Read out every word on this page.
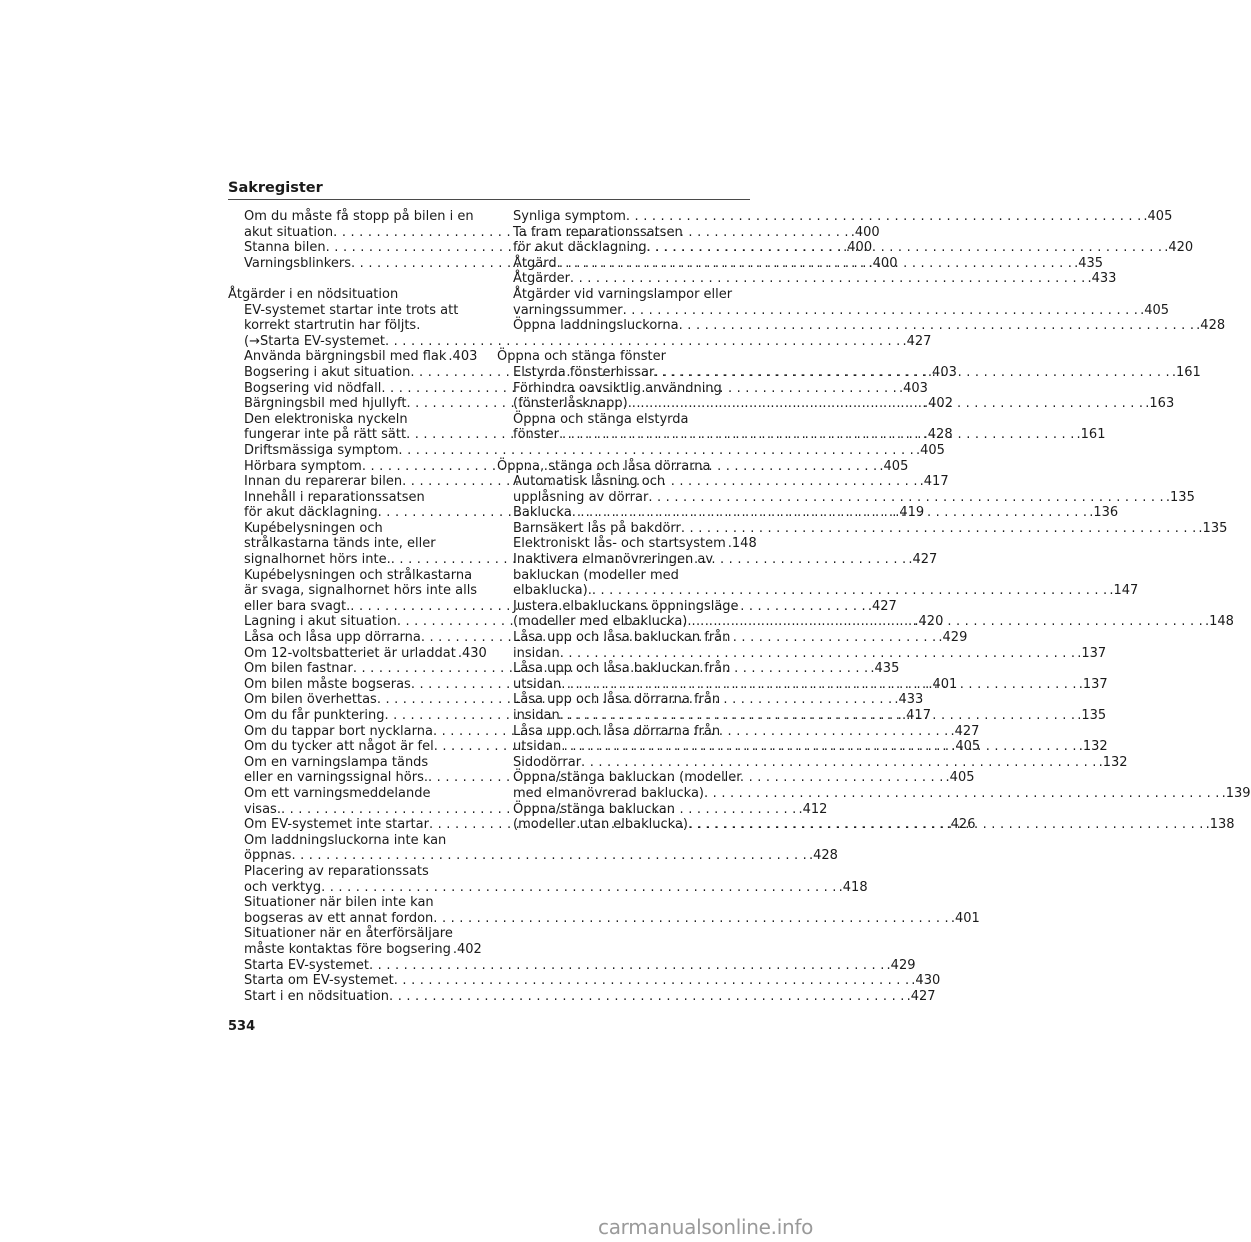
Sakregister
Om du måste få stopp på bilen i en
akut situation . . .	.400
Stanna bilen . . .	.400
Varningsblinkers . . .	.400
Åtgärder i en nödsituation
EV-systemet startar inte trots att
korrekt startrutin har följts.
(→Starta EV-systemet . . .	.427
Använda bärgningsbil med flak .403
Bogsering i akut situation . . .	.403
Bogsering vid nödfall . . .	.403
Bärgningsbil med hjullyft . . .	.402
Den elektroniska nyckeln
fungerar inte på rätt sätt . . .	.428
Driftsmässiga symptom . . .	.405
Hörbara symptom . . .	.405
Innan du reparerar bilen . . .	.417
Innehåll i reparationssatsen
för akut däcklagning . . .	.419
Kupébelysningen och
strålkastarna tänds inte, eller
signalhornet hörs inte. . . .	.427
Kupébelysningen och strålkastarna
är svaga, signalhornet hörs inte alls
eller bara svagt. . . .	.427
Lagning i akut situation . . .	.420
Låsa och låsa upp dörrarna . . .	.429
Om 12-voltsbatteriet är urladdat .430
Om bilen fastnar . . .	.435
Om bilen måste bogseras . . .	.401
Om bilen överhettas . . .	.433
Om du får punktering . . .	.417
Om du tappar bort nycklarna . . .	.427
Om du tycker att något är fel . . .	.405
Om en varningslampa tänds
eller en varningssignal hörs. . . .	.405
Om ett varningsmeddelande
visas. . . .	.412
Om EV-systemet inte startar . . .	.426
Om laddningsluckorna inte kan
öppnas . . .	.428
Placering av reparationssats
och verktyg . . .	.418
Situationer när bilen inte kan
bogseras av ett annat fordon . . .	.401
Situationer när en återförsäljare
måste kontaktas före bogsering .402
Starta EV-systemet . . .	.429
Starta om EV-systemet . . .	.430
Start i en nödsituation . . .	.427
Synliga symptom . . .	.405
Ta fram reparationssatsen
för akut däcklagning . . .	.420
Åtgärd . . .	.435
Åtgärder . . .	.433
Åtgärder vid varningslampor eller
varningssummer . . .	.405
Öppna laddningsluckorna . . .	.428
Öppna och stänga fönster
Elstyrda fönsterhissar . . .	.161
Förhindra oavsiktlig användning
(fönsterlåsknapp) . . .	.163
Öppna och stänga elstyrda
fönster . . .	.161
Öppna, stänga och låsa dörrarna
Automatisk låsning och
upplåsning av dörrar . . .	.135
Baklucka . . .	.136
Barnsäkert lås på bakdörr . . .	.135
Elektroniskt lås- och startsystem .148
Inaktivera elmanövreringen av
bakluckan (modeller med
elbaklucka). . . .	.147
Justera elbakluckans öppningsläge
(modeller med elbaklucka) . . .	.148
Låsa upp och låsa bakluckan från
insidan . . .	.137
Låsa upp och låsa bakluckan från
utsidan . . .	.137
Låsa upp och låsa dörrarna från
insidan . . .	.135
Låsa upp och låsa dörrarna från
utsidan . . .	.132
Sidodörrar . . .	.132
Öppna/stänga bakluckan (modeller
med elmanövrerad baklucka) . . .	.139
Öppna/stänga bakluckan
(modeller utan elbaklucka) . . .	.138
534
carmanualsonline.info
